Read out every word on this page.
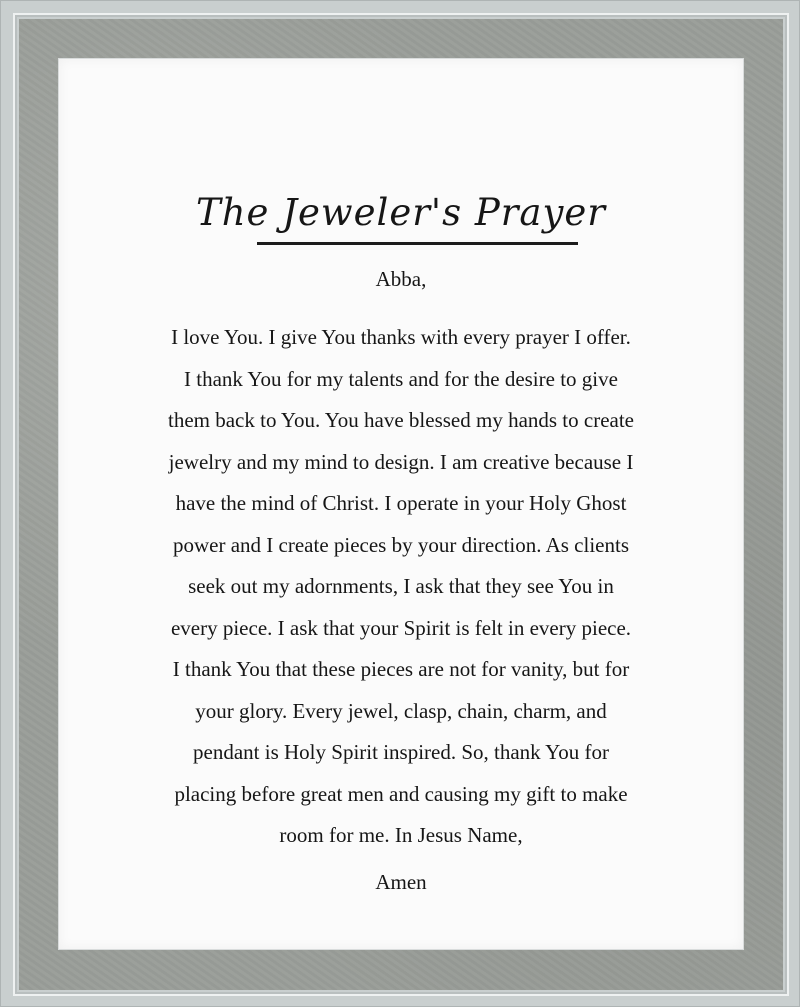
The Jeweler's Prayer
Abba,
I love You. I give You thanks with every prayer I offer.
I thank You for my talents and for the desire to give
them back to You. You have blessed my hands to create
jewelry and my mind to design. I am creative because I
have the mind of Christ. I operate in your Holy Ghost
power and I create pieces by your direction. As clients
seek out my adornments, I ask that they see You in
every piece. I ask that your Spirit is felt in every piece.
I thank You that these pieces are not for vanity, but for
your glory. Every jewel, clasp, chain, charm, and
pendant is Holy Spirit inspired. So, thank You for
placing before great men and causing my gift to make
room for me. In Jesus Name,
Amen
